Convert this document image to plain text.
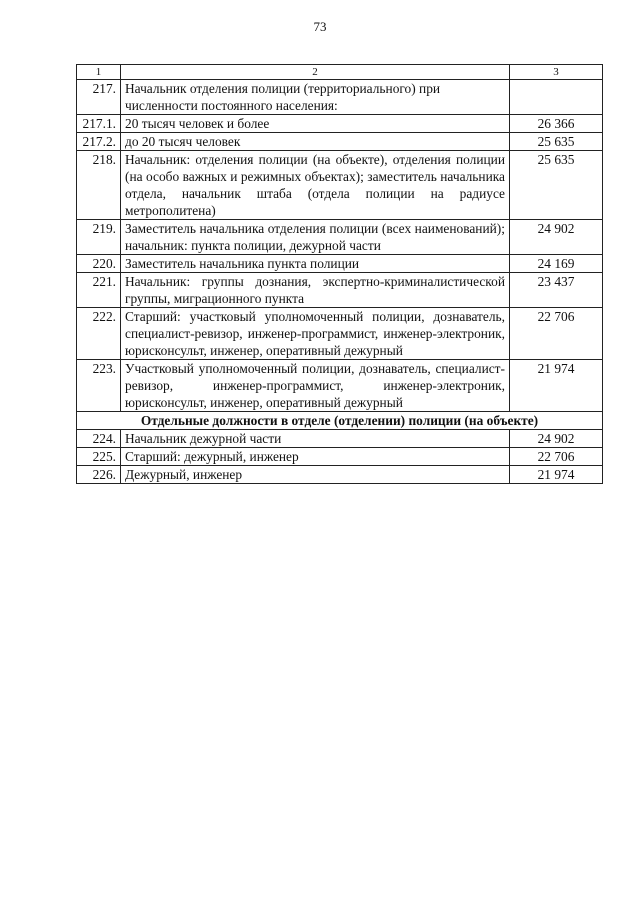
73
1	2	3
217.	Начальник отделения полиции (территориального) при численности постоянного населения:	
217.1.	20 тысяч человек и более	26 366
217.2.	до 20 тысяч человек	25 635
218.	Начальник: отделения полиции (на объекте), отделения полиции (на особо важных и режимных объектах); заместитель начальника отдела, начальник штаба (отдела полиции на радиусе метрополитена)	25 635
219.	Заместитель начальника отделения полиции (всех наименований); начальник: пункта полиции, дежурной части	24 902
220.	Заместитель начальника пункта полиции	24 169
221.	Начальник: группы дознания, экспертно-криминалистической группы, миграционного пункта	23 437
222.	Старший: участковый уполномоченный полиции, дознаватель, специалист-ревизор, инженер-программист, инженер-электроник, юрисконсульт, инженер, оперативный дежурный	22 706
223.	Участковый уполномоченный полиции, дознаватель, специалист-ревизор, инженер-программист, инженер-электроник, юрисконсульт, инженер, оперативный дежурный	21 974
Отдельные должности в отделе (отделении) полиции (на объекте)		
224.	Начальник дежурной части	24 902
225.	Старший: дежурный, инженер	22 706
226.	Дежурный, инженер	21 974
